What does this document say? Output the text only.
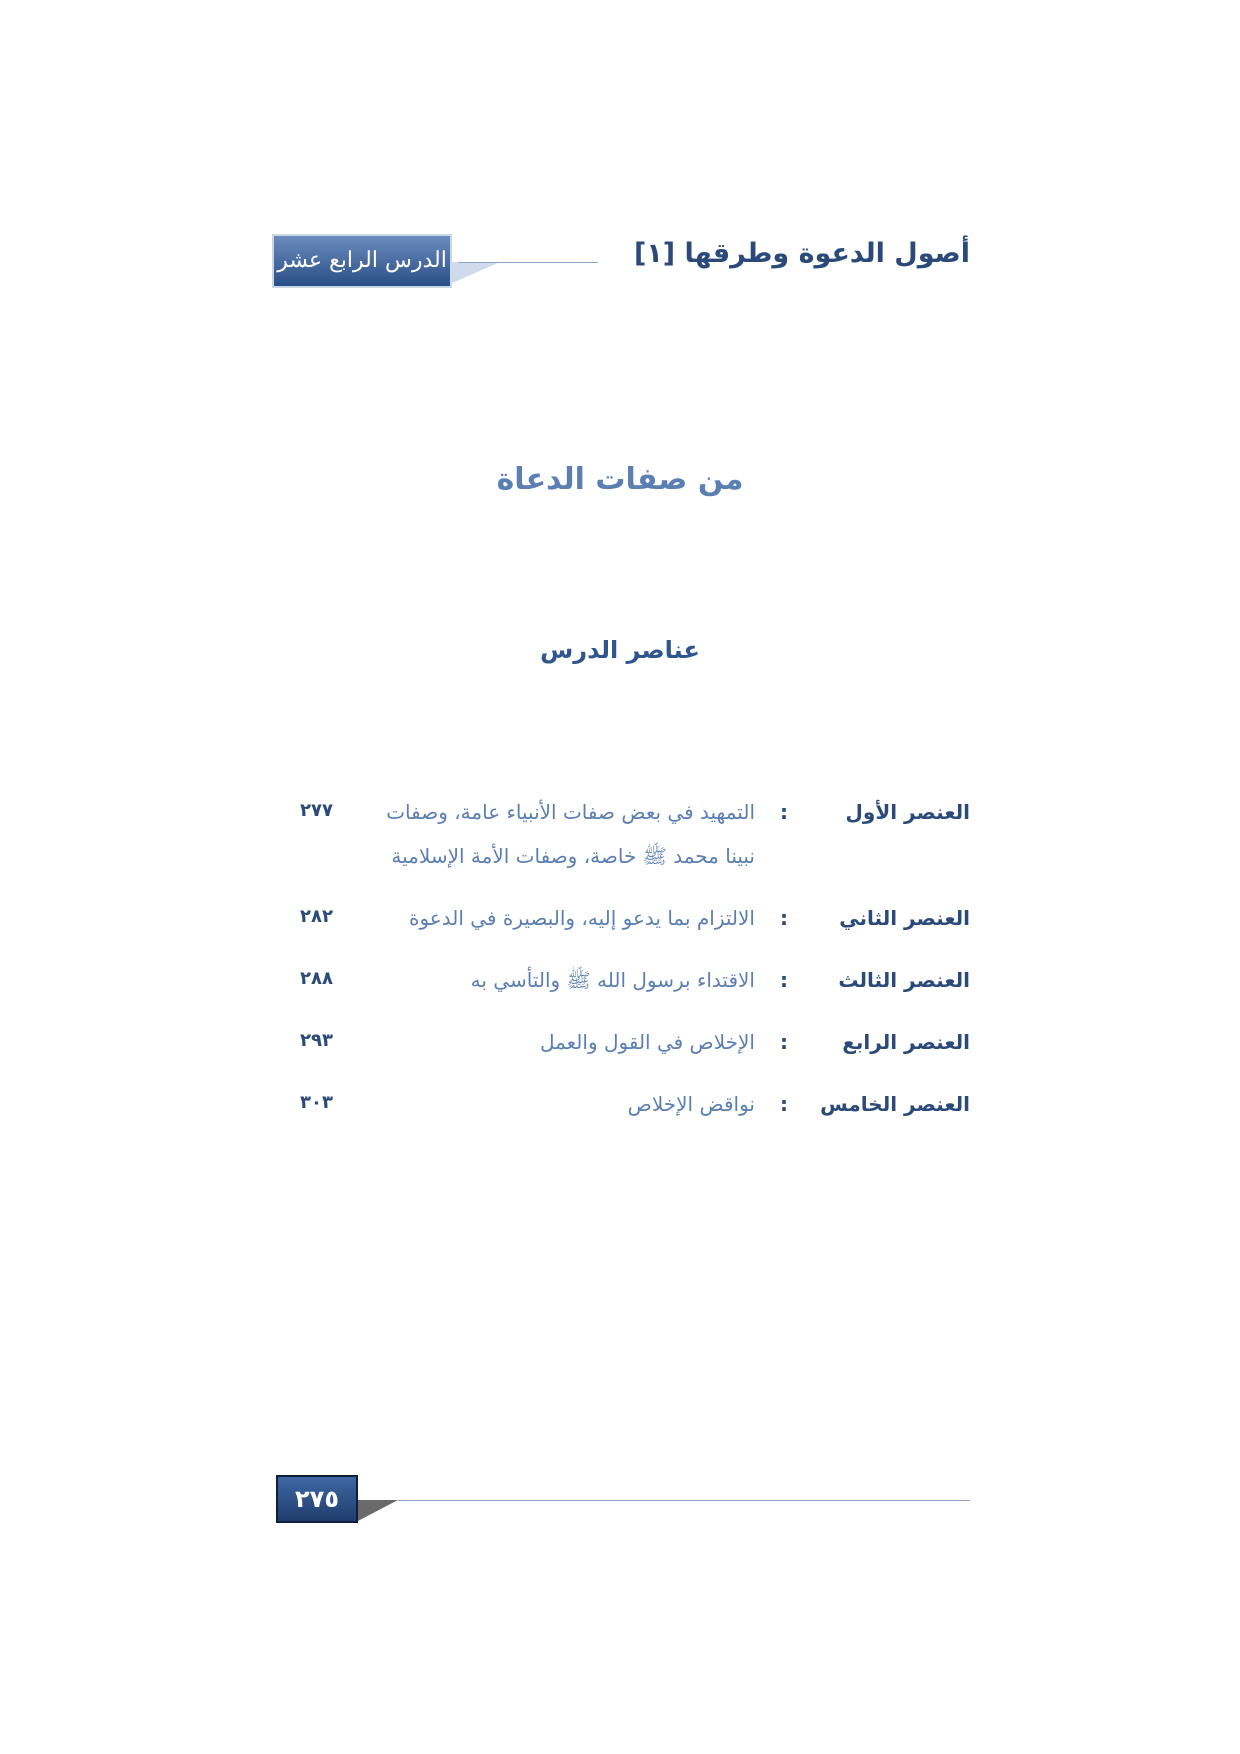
الدرس الرابع عشر	أصول الدعوة وطرقها [١]
من صفات الدعاة
عناصر الدرس
العنصر الأول
:
التمهيد في بعض صفات الأنبياء عامة، وصفات نبينا محمد ﷺ خاصة، وصفات الأمة الإسلامية
٢٧٧
العنصر الثاني
:
الالتزام بما يدعو إليه، والبصيرة في الدعوة
٢٨٢
العنصر الثالث
:
الاقتداء برسول الله ﷺ والتأسي به
٢٨٨
العنصر الرابع
:
الإخلاص في القول والعمل
٢٩٣
العنصر الخامس
:
نواقض الإخلاص
٣٠٣
٢٧٥
